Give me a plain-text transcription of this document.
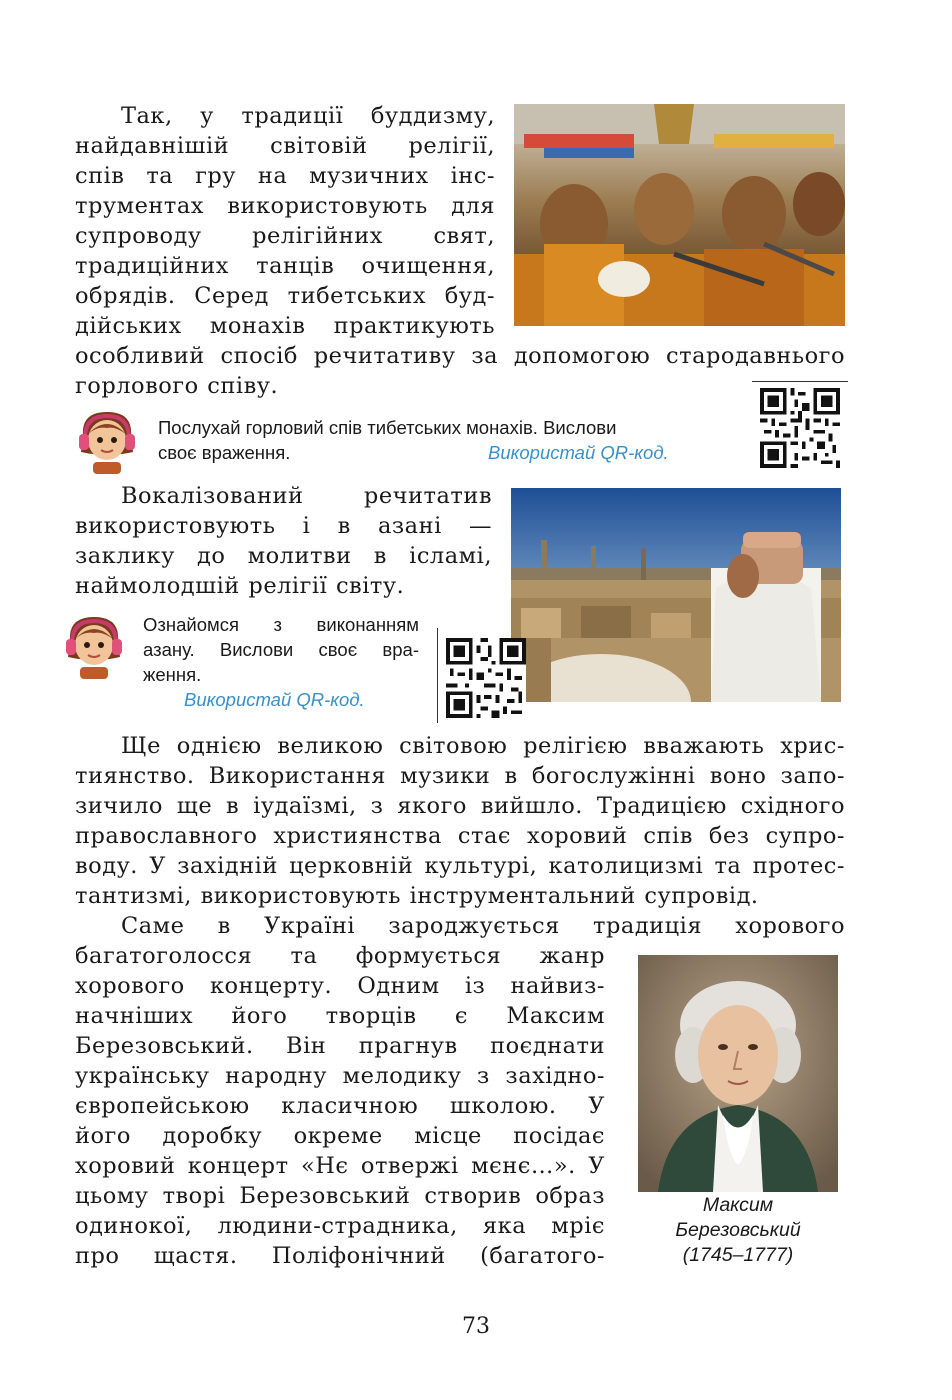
Так, у традиції буддизму,
найдавнішій світовій релігії,
спів та гру на музичних інс-
трументах використовують для
супроводу релігійних свят,
традиційних танців очищення,
обрядів. Серед тибетських буд-
дійських монахів практикують
особливий спосіб речитативу за допомогою стародавнього
горлового співу.
Послухай горловий спів тибетських монахів. Вислови
своє враження.	Використай QR-код.
Вокалізований речитатив
використовують і в азані —
заклику до молитви в ісламі,
наймолодшій релігії світу.
Ознайомся з виконанням
азану. Вислови своє вра-
ження.
Використай QR-код.
Ще однією великою світовою релігією вважають хрис-
тиянство. Використання музики в богослужінні воно запо-
зичило ще в іудаїзмі, з якого вийшло. Традицією східного
православного християнства стає хоровий спів без супро-
воду. У західній церковній культурі, католицизмі та протес-
тантизмі, використовують інструментальний супровід.
Саме в Україні зароджується традиція хорового
багатоголосся та формується жанр
хорового концерту. Одним із найвиз-
начніших його творців є Максим
Березовський. Він прагнув поєднати
українську народну мелодику з західно-
європейською класичною школою. У
його доробку окреме місце посідає
хоровий концерт «Нє отвержі мєнє…». У
цьому творі Березовський створив образ
одинокої, людини-страдника, яка мріє
про щастя. Поліфонічний (багатого-
Максим
Березовський
(1745–1777)
73
